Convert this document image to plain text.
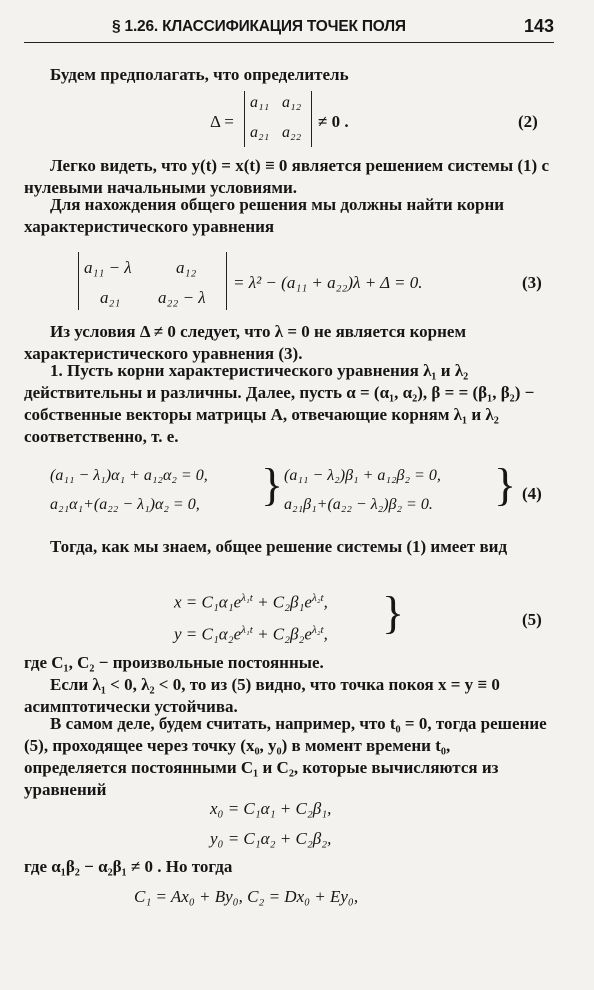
§ 1.26. КЛАССИФИКАЦИЯ ТОЧЕК ПОЛЯ	143

Будем предполагать, что определитель

Δ =
a₁₁ a₁₂
a₂₁ a₂₂
≠ 0 .	(2)

Легко видеть, что y(t) = x(t) ≡ 0 является решением системы (1) с нулевыми начальными условиями.

Для нахождения общего решения мы должны найти корни характеристического уравнения

a₁₁ − λ	a₁₂
a₂₁ a₂₂ − λ
= λ² − (a₁₁ + a₂₂)λ + Δ = 0.	(3)

Из условия Δ ≠ 0 следует, что λ = 0 не является корнем характеристического уравнения (3).

1. Пусть корни характеристического уравнения λ₁ и λ₂ действительны и различны. Далее, пусть α = (α₁, α₂), β = = (β₁, β₂) − собственные векторы матрицы A, отвечающие корням λ₁ и λ₂ соответственно, т. е.

(a₁₁ − λ₁)α₁ + a₁₂α₂ = 0,
a₂₁α₁+(a₂₂ − λ₁)α₂ = 0, } (a₁₁ − λ₂)β₁ + a₁₂β₂ = 0,
a₂₁β₁+(a₂₂ − λ₂)β₂ = 0. } (4)

Тогда, как мы знаем, общее решение системы (1) имеет вид

$x = C_1\alpha_1e^{\lambda_1t} + C_2\beta_1e^{\lambda_2t}$,
$y = C_1\alpha_2e^{\lambda_1t} + C_2\beta_2e^{\lambda_2t}$, }	(5)

где C₁, C₂ − произвольные постоянные.

Если λ₁ < 0, λ₂ < 0, то из (5) видно, что точка покоя x = y ≡ 0 асимптотически устойчива.

В самом деле, будем считать, например, что t₀ = 0, тогда решение (5), проходящее через точку (x₀, y₀) в момент времени t₀, определяется постоянными C₁ и C₂, которые вычисляются из уравнений

x₀ = C₁α₁ + C₂β₁,
y₀ = C₁α₂ + C₂β₂,

где α₁β₂ − α₂β₁ ≠ 0 . Но тогда

C₁ = Ax₀ + By₀, C₂ = Dx₀ + Ey₀,
